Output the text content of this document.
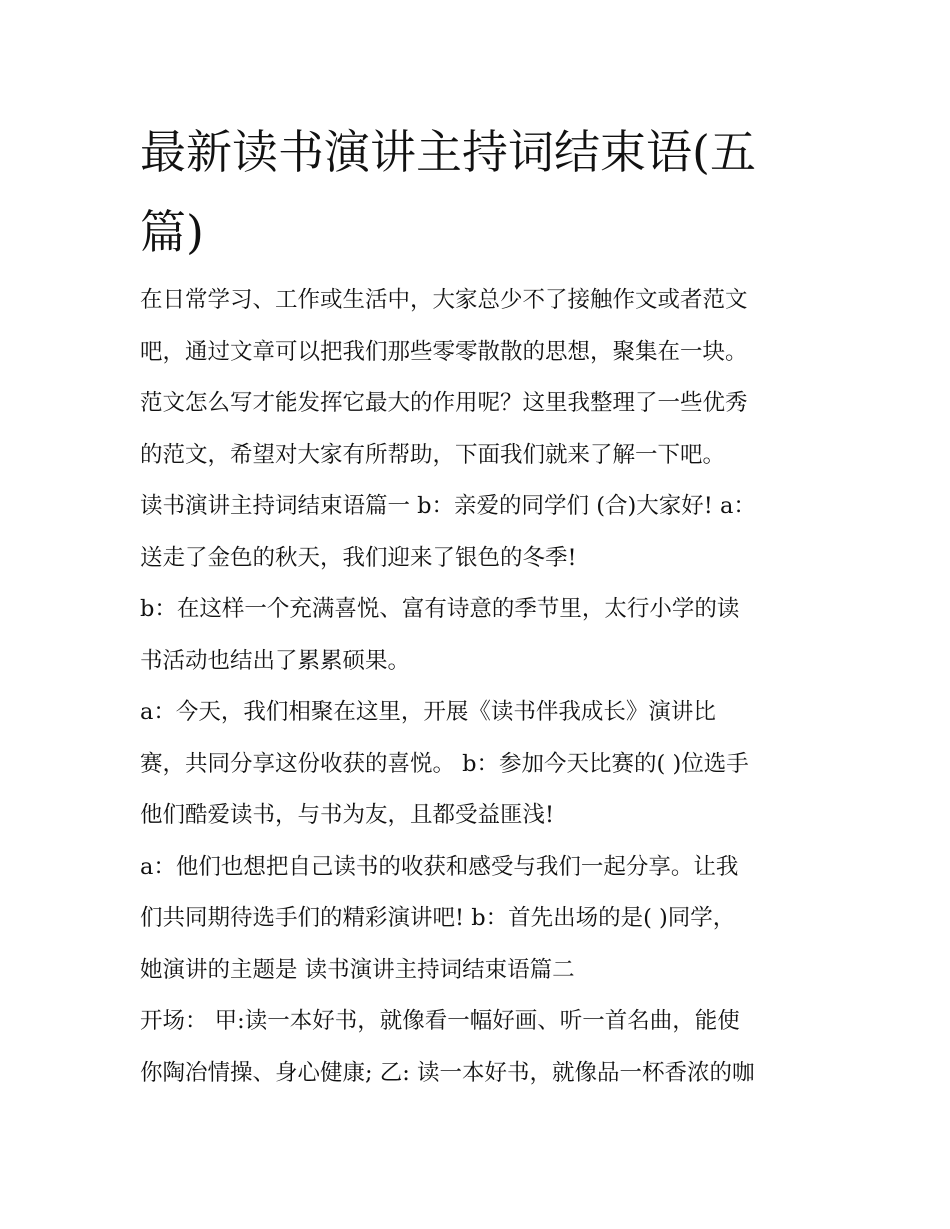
最新读书演讲主持词结束语(五
篇)
在日常学习、工作或生活中，大家总少不了接触作文或者范文
吧，通过文章可以把我们那些零零散散的思想，聚集在一块。
范文怎么写才能发挥它最大的作用呢？这里我整理了一些优秀
的范文，希望对大家有所帮助，下面我们就来了解一下吧。
读书演讲主持词结束语篇一 b：亲爱的同学们 (合)大家好! a：
送走了金色的秋天，我们迎来了银色的冬季!
b：在这样一个充满喜悦、富有诗意的季节里，太行小学的读
书活动也结出了累累硕果。
a：今天，我们相聚在这里，开展《读书伴我成长》演讲比
赛，共同分享这份收获的喜悦。 b：参加今天比赛的( )位选手
他们酷爱读书，与书为友，且都受益匪浅!
a：他们也想把自己读书的收获和感受与我们一起分享。让我
们共同期待选手们的精彩演讲吧! b：首先出场的是( )同学，
她演讲的主题是 读书演讲主持词结束语篇二
开场： 甲:读一本好书，就像看一幅好画、听一首名曲，能使
你陶冶情操、身心健康; 乙: 读一本好书，就像品一杯香浓的咖
